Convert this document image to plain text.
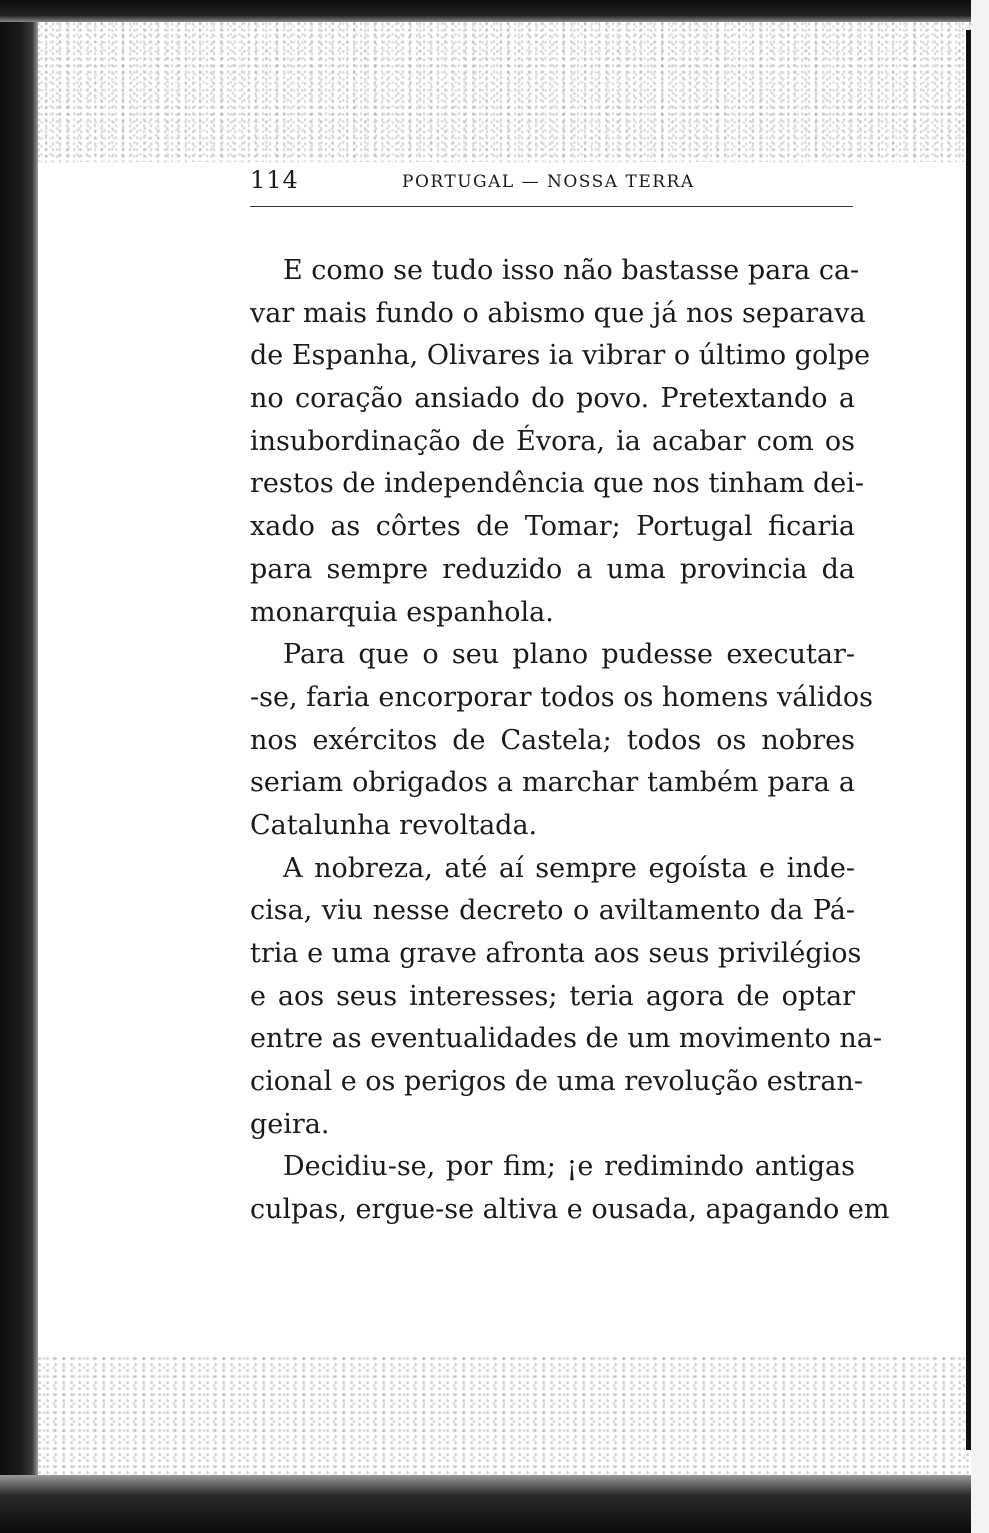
114	PORTUGAL — NOSSA TERRA

E como se tudo isso não bastasse para ca-
var mais fundo o abismo que já nos separava
de Espanha, Olivares ia vibrar o último golpe
no coração ansiado do povo. Pretextando a
insubordinação de Évora, ia acabar com os
restos de independência que nos tinham dei-
xado as côrtes de Tomar; Portugal ficaria
para sempre reduzido a uma provincia da
monarquia espanhola.

Para que o seu plano pudesse executar-
-se, faria encorporar todos os homens válidos
nos exércitos de Castela; todos os nobres
seriam obrigados a marchar também para a
Catalunha revoltada.

A nobreza, até aí sempre egoísta e inde-
cisa, viu nesse decreto o aviltamento da Pá-
tria e uma grave afronta aos seus privilégios
e aos seus interesses; teria agora de optar
entre as eventualidades de um movimento na-
cional e os perigos de uma revolução estran-
geira.

Decidiu-se, por fim; ¡e redimindo antigas
culpas, ergue-se altiva e ousada, apagando em
